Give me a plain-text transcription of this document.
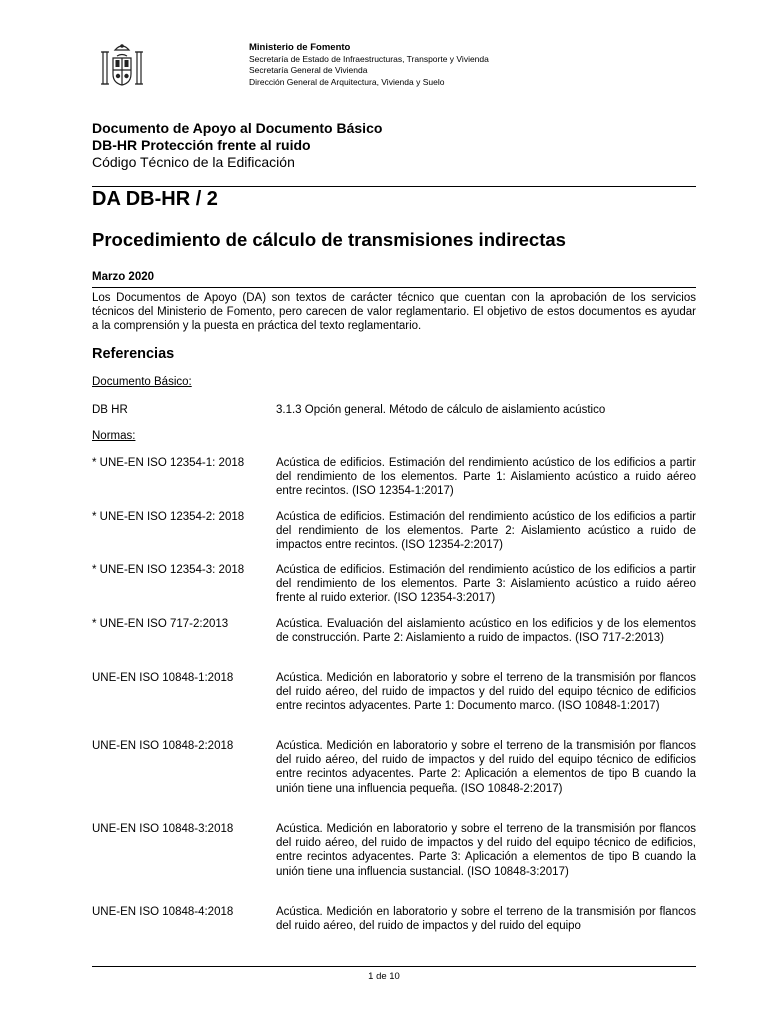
Ministerio de Fomento
Secretaría de Estado de Infraestructuras, Transporte y Vivienda
Secretaría General de Vivienda
Dirección General de Arquitectura, Vivienda y Suelo
Documento de Apoyo al Documento Básico
DB-HR Protección frente al ruido
Código Técnico de la Edificación
DA DB-HR / 2
Procedimiento de cálculo de transmisiones indirectas
Marzo 2020
Los Documentos de Apoyo (DA) son textos de carácter técnico que cuentan con la aprobación de los servicios técnicos del Ministerio de Fomento, pero carecen de valor reglamentario. El objetivo de estos documentos es ayudar a la comprensión y la puesta en práctica del texto reglamentario.
Referencias
Documento Básico:
DB HR	3.1.3 Opción general. Método de cálculo de aislamiento acústico
Normas:
* UNE-EN ISO 12354-1: 2018	Acústica de edificios. Estimación del rendimiento acústico de los edificios a partir del rendimiento de los elementos. Parte 1: Aislamiento acústico a ruido aéreo entre recintos. (ISO 12354-1:2017)
* UNE-EN ISO 12354-2: 2018	Acústica de edificios. Estimación del rendimiento acústico de los edificios a partir del rendimiento de los elementos. Parte 2: Aislamiento acústico a ruido de impactos entre recintos. (ISO 12354-2:2017)
* UNE-EN ISO 12354-3: 2018	Acústica de edificios. Estimación del rendimiento acústico de los edificios a partir del rendimiento de los elementos. Parte 3: Aislamiento acústico a ruido aéreo frente al ruido exterior. (ISO 12354-3:2017)
* UNE-EN ISO 717-2:2013	Acústica. Evaluación del aislamiento acústico en los edificios y de los elementos de construcción. Parte 2: Aislamiento a ruido de impactos. (ISO 717-2:2013)
UNE-EN ISO 10848-1:2018	Acústica. Medición en laboratorio y sobre el terreno de la transmisión por flancos del ruido aéreo, del ruido de impactos y del ruido del equipo técnico de edificios entre recintos adyacentes. Parte 1: Documento marco. (ISO 10848-1:2017)
UNE-EN ISO 10848-2:2018	Acústica. Medición en laboratorio y sobre el terreno de la transmisión por flancos del ruido aéreo, del ruido de impactos y del ruido del equipo técnico de edificios entre recintos adyacentes. Parte 2: Aplicación a elementos de tipo B cuando la unión tiene una influencia pequeña. (ISO 10848-2:2017)
UNE-EN ISO 10848-3:2018	Acústica. Medición en laboratorio y sobre el terreno de la transmisión por flancos del ruido aéreo, del ruido de impactos y del ruido del equipo técnico de edificios, entre recintos adyacentes. Parte 3: Aplicación a elementos de tipo B cuando la unión tiene una influencia sustancial. (ISO 10848-3:2017)
UNE-EN ISO 10848-4:2018	Acústica. Medición en laboratorio y sobre el terreno de la transmisión por flancos del ruido aéreo, del ruido de impactos y del ruido del equipo
1 de 10
